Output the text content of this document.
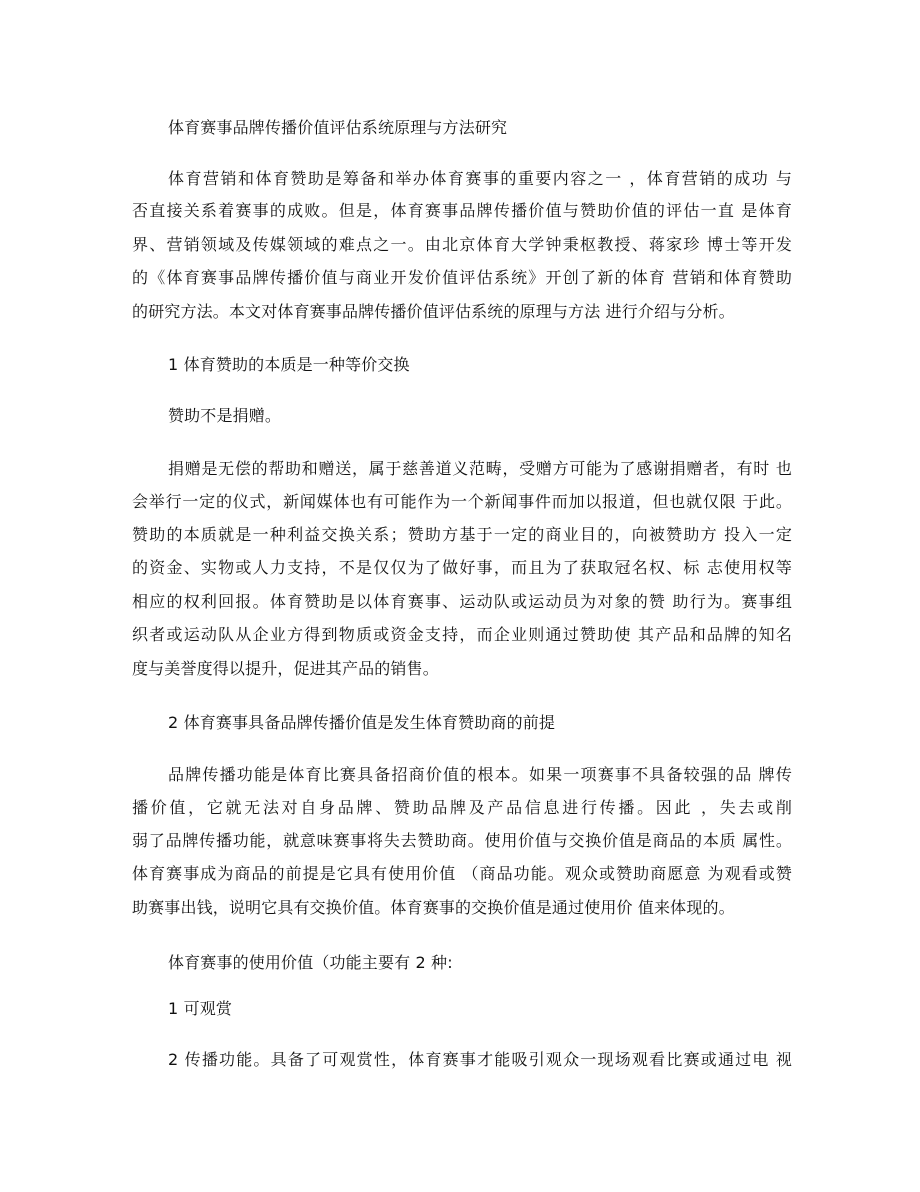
体育赛事品牌传播价值评估系统原理与方法研究
体育营销和体育赞助是筹备和举办体育赛事的重要内容之一 ，体育营销的成功 与
否直接关系着赛事的成败。但是，体育赛事品牌传播价值与赞助价值的评估一直 是体育
界、营销领域及传媒领域的难点之一。由北京体育大学钟秉枢教授、蒋家珍 博士等开发
的《体育赛事品牌传播价值与商业开发价值评估系统》开创了新的体育 营销和体育赞助
的研究方法。本文对体育赛事品牌传播价值评估系统的原理与方法 进行介绍与分析。
1 体育赞助的本质是一种等价交换
赞助不是捐赠。
捐赠是无偿的帮助和赠送，属于慈善道义范畴，受赠方可能为了感谢捐赠者，有时 也
会举行一定的仪式，新闻媒体也有可能作为一个新闻事件而加以报道，但也就仅限 于此。
赞助的本质就是一种利益交换关系；赞助方基于一定的商业目的，向被赞助方 投入一定
的资金、实物或人力支持，不是仅仅为了做好事，而且为了获取冠名权、标 志使用权等
相应的权利回报。体育赞助是以体育赛事、运动队或运动员为对象的赞 助行为。赛事组
织者或运动队从企业方得到物质或资金支持，而企业则通过赞助使 其产品和品牌的知名
度与美誉度得以提升，促进其产品的销售。
2 体育赛事具备品牌传播价值是发生体育赞助商的前提
品牌传播功能是体育比赛具备招商价值的根本。如果一项赛事不具备较强的品 牌传
播价值，它就无法对自身品牌、赞助品牌及产品信息进行传播。因此 ，失去或削
弱了品牌传播功能，就意味赛事将失去赞助商。使用价值与交换价值是商品的本质 属性。
体育赛事成为商品的前提是它具有使用价值 （商品功能。观众或赞助商愿意 为观看或赞
助赛事出钱，说明它具有交换价值。体育赛事的交换价值是通过使用价 值来体现的。
体育赛事的使用价值（功能主要有 2 种:
1 可观赏
2 传播功能。具备了可观赏性，体育赛事才能吸引观众一现场观看比赛或通过电 视
